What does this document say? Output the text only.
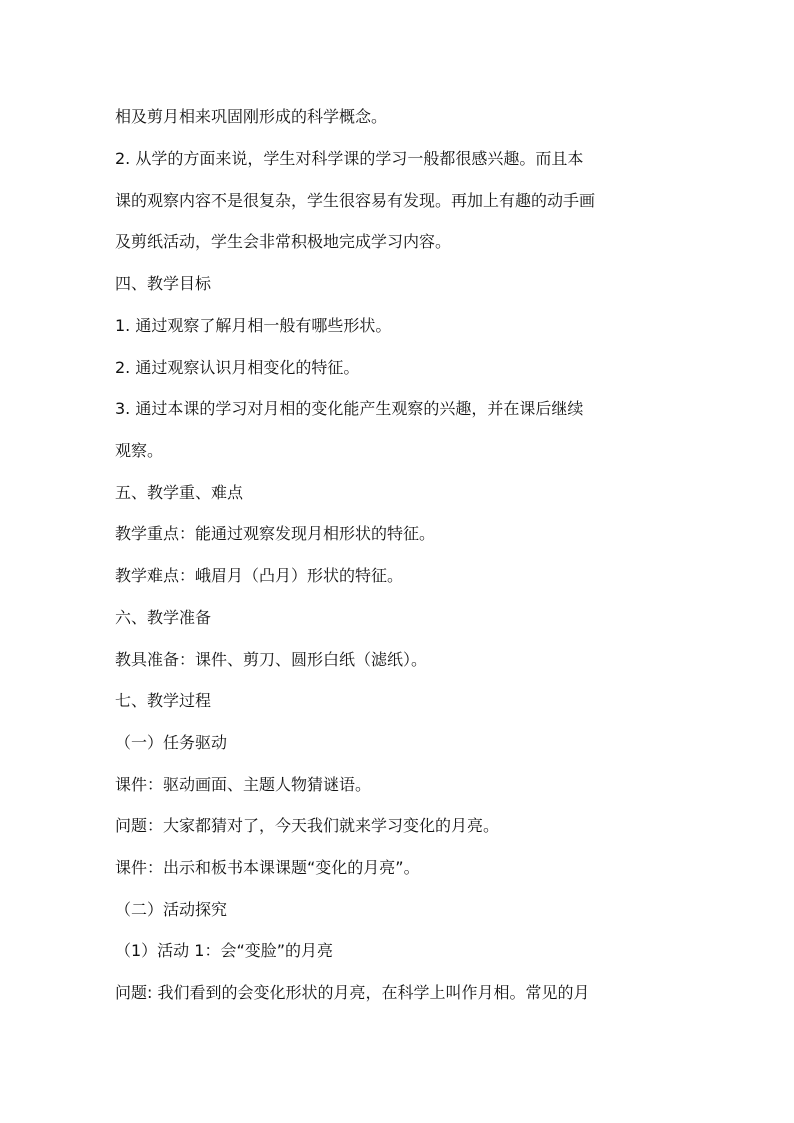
相及剪月相来巩固刚形成的科学概念。
2. 从学的方面来说，学生对科学课的学习一般都很感兴趣。而且本
课的观察内容不是很复杂，学生很容易有发现。再加上有趣的动手画
及剪纸活动，学生会非常积极地完成学习内容。
四、教学目标
1. 通过观察了解月相一般有哪些形状。
2. 通过观察认识月相变化的特征。
3. 通过本课的学习对月相的变化能产生观察的兴趣，并在课后继续
观察。
五、教学重、难点
教学重点：能通过观察发现月相形状的特征。
教学难点：峨眉月（凸月）形状的特征。
六、教学准备
教具准备：课件、剪刀、圆形白纸（滤纸）。
七、教学过程
（一）任务驱动
课件：驱动画面、主题人物猜谜语。
问题：大家都猜对了，今天我们就来学习变化的月亮。
课件：出示和板书本课课题“变化的月亮”。
（二）活动探究
（1）活动 1：会“变脸”的月亮
问题: 我们看到的会变化形状的月亮，在科学上叫作月相。常见的月
